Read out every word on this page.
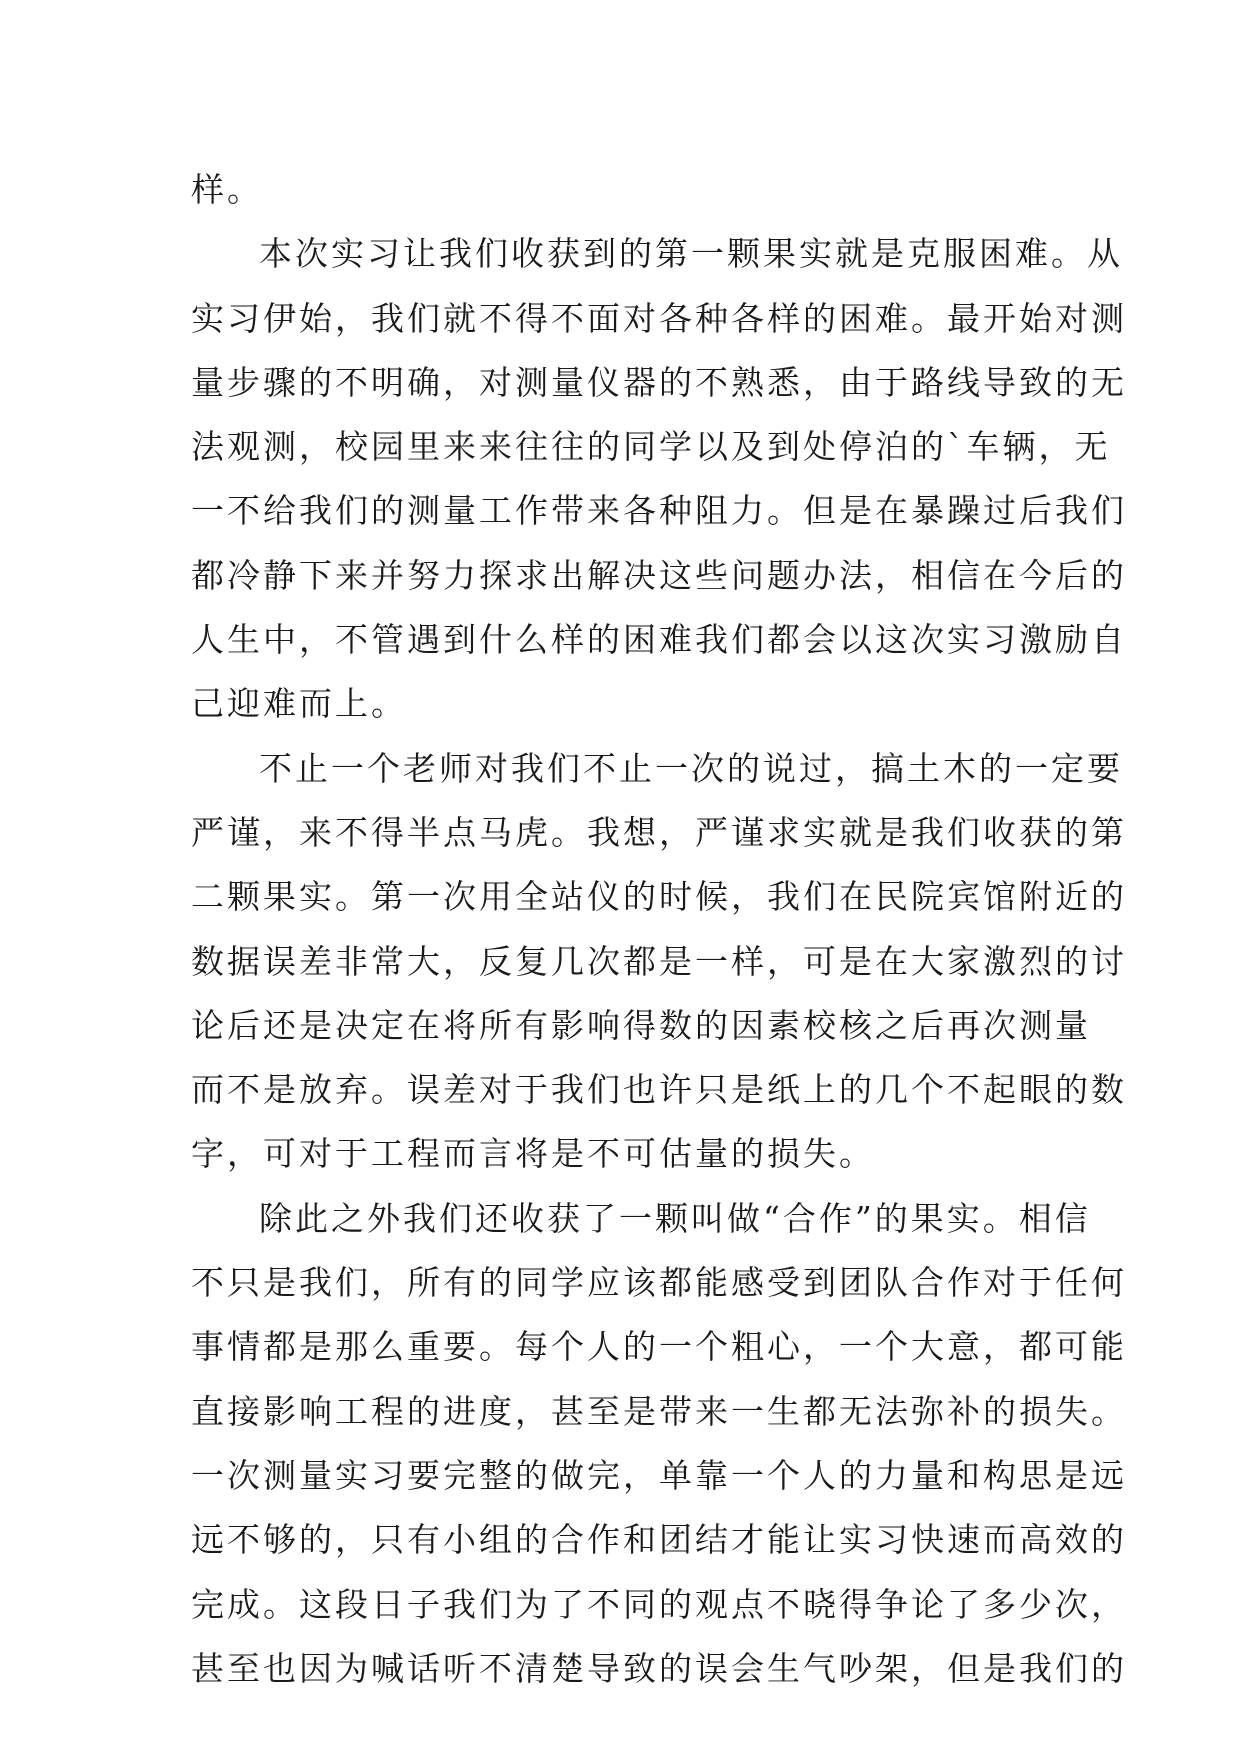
样。
本次实习让我们收获到的第一颗果实就是克服困难。从
实习伊始，我们就不得不面对各种各样的困难。最开始对测
量步骤的不明确，对测量仪器的不熟悉，由于路线导致的无
法观测，校园里来来往往的同学以及到处停泊的`车辆，无
一不给我们的测量工作带来各种阻力。但是在暴躁过后我们
都冷静下来并努力探求出解决这些问题办法，相信在今后的
人生中，不管遇到什么样的困难我们都会以这次实习激励自
己迎难而上。
不止一个老师对我们不止一次的说过，搞土木的一定要
严谨，来不得半点马虎。我想，严谨求实就是我们收获的第
二颗果实。第一次用全站仪的时候，我们在民院宾馆附近的
数据误差非常大，反复几次都是一样，可是在大家激烈的讨
论后还是决定在将所有影响得数的因素校核之后再次测量
而不是放弃。误差对于我们也许只是纸上的几个不起眼的数
字，可对于工程而言将是不可估量的损失。
除此之外我们还收获了一颗叫做“合作”的果实。相信
不只是我们，所有的同学应该都能感受到团队合作对于任何
事情都是那么重要。每个人的一个粗心，一个大意，都可能
直接影响工程的进度，甚至是带来一生都无法弥补的损失。
一次测量实习要完整的做完，单靠一个人的力量和构思是远
远不够的，只有小组的合作和团结才能让实习快速而高效的
完成。这段日子我们为了不同的观点不晓得争论了多少次，
甚至也因为喊话听不清楚导致的误会生气吵架，但是我们的
